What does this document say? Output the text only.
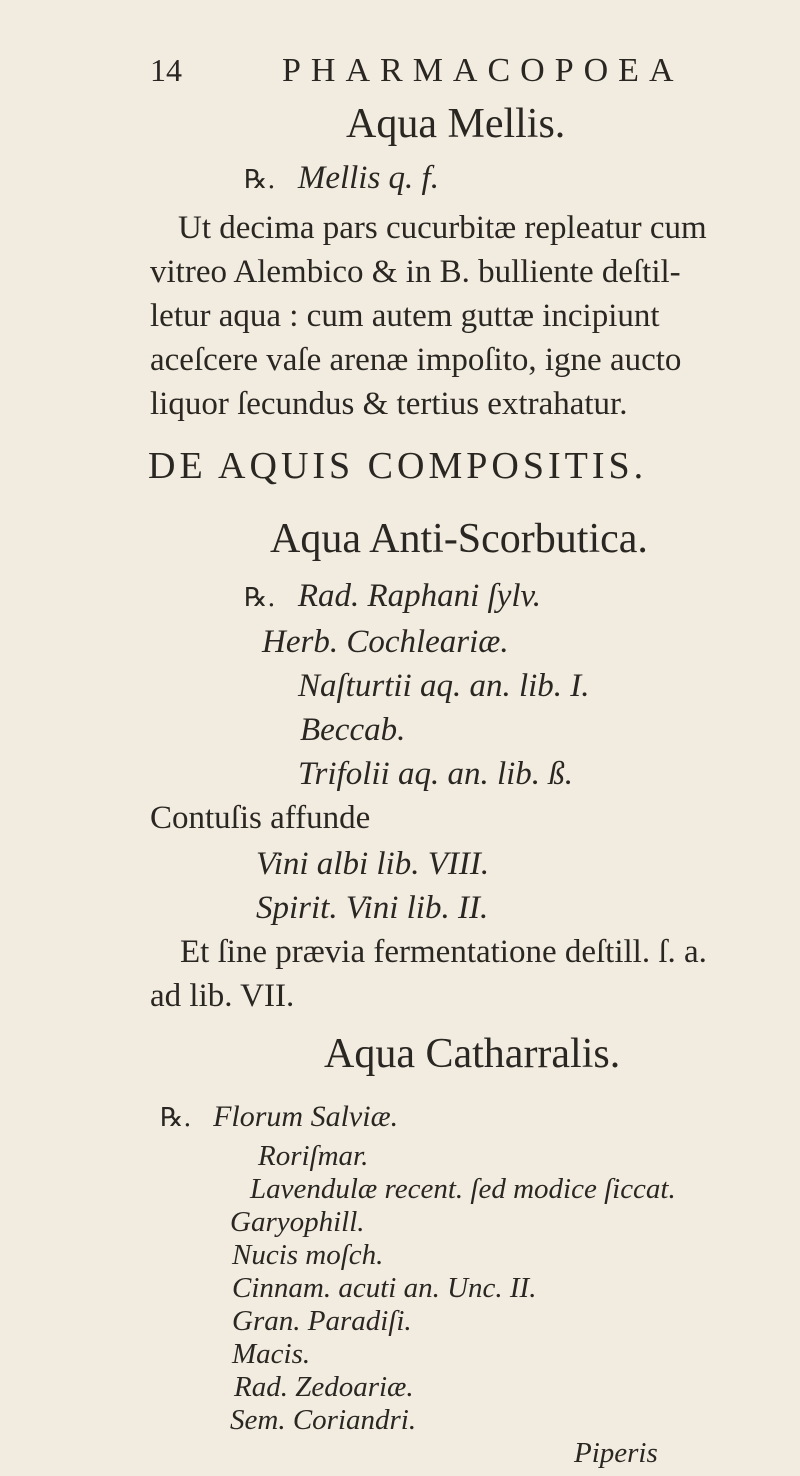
14	PHARMACOPOEA
Aqua Mellis.
℞. Mellis q. f.
Ut decima pars cucurbitæ repleatur cum
vitreo Alembico & in B. bulliente deſtil-
letur aqua : cum autem guttæ incipiunt
aceſcere vaſe arenæ impoſito, igne aucto
liquor ſecundus & tertius extrahatur.
DE AQUIS COMPOSITIS.
Aqua Anti-Scorbutica.
℞. Rad. Raphani ſylv.
Herb. Cochleariæ.
Naſturtii aq. an. lib. I.
Beccab.
Trifolii aq. an. lib. ß.
Contuſis affunde
Vini albi lib. VIII.
Spirit. Vini lib. II.
Et ſine prævia fermentatione deſtill. ſ. a.
ad lib. VII.
Aqua Catharralis.
℞. Florum Salviæ.
Roriſmar.
Lavendulæ recent. ſed modice ſiccat.
Garyophill.
Nucis moſch.
Cinnam. acuti an. Unc. II.
Gran. Paradiſi.
Macis.
Rad. Zedoariæ.
Sem. Coriandri.
Piperis
